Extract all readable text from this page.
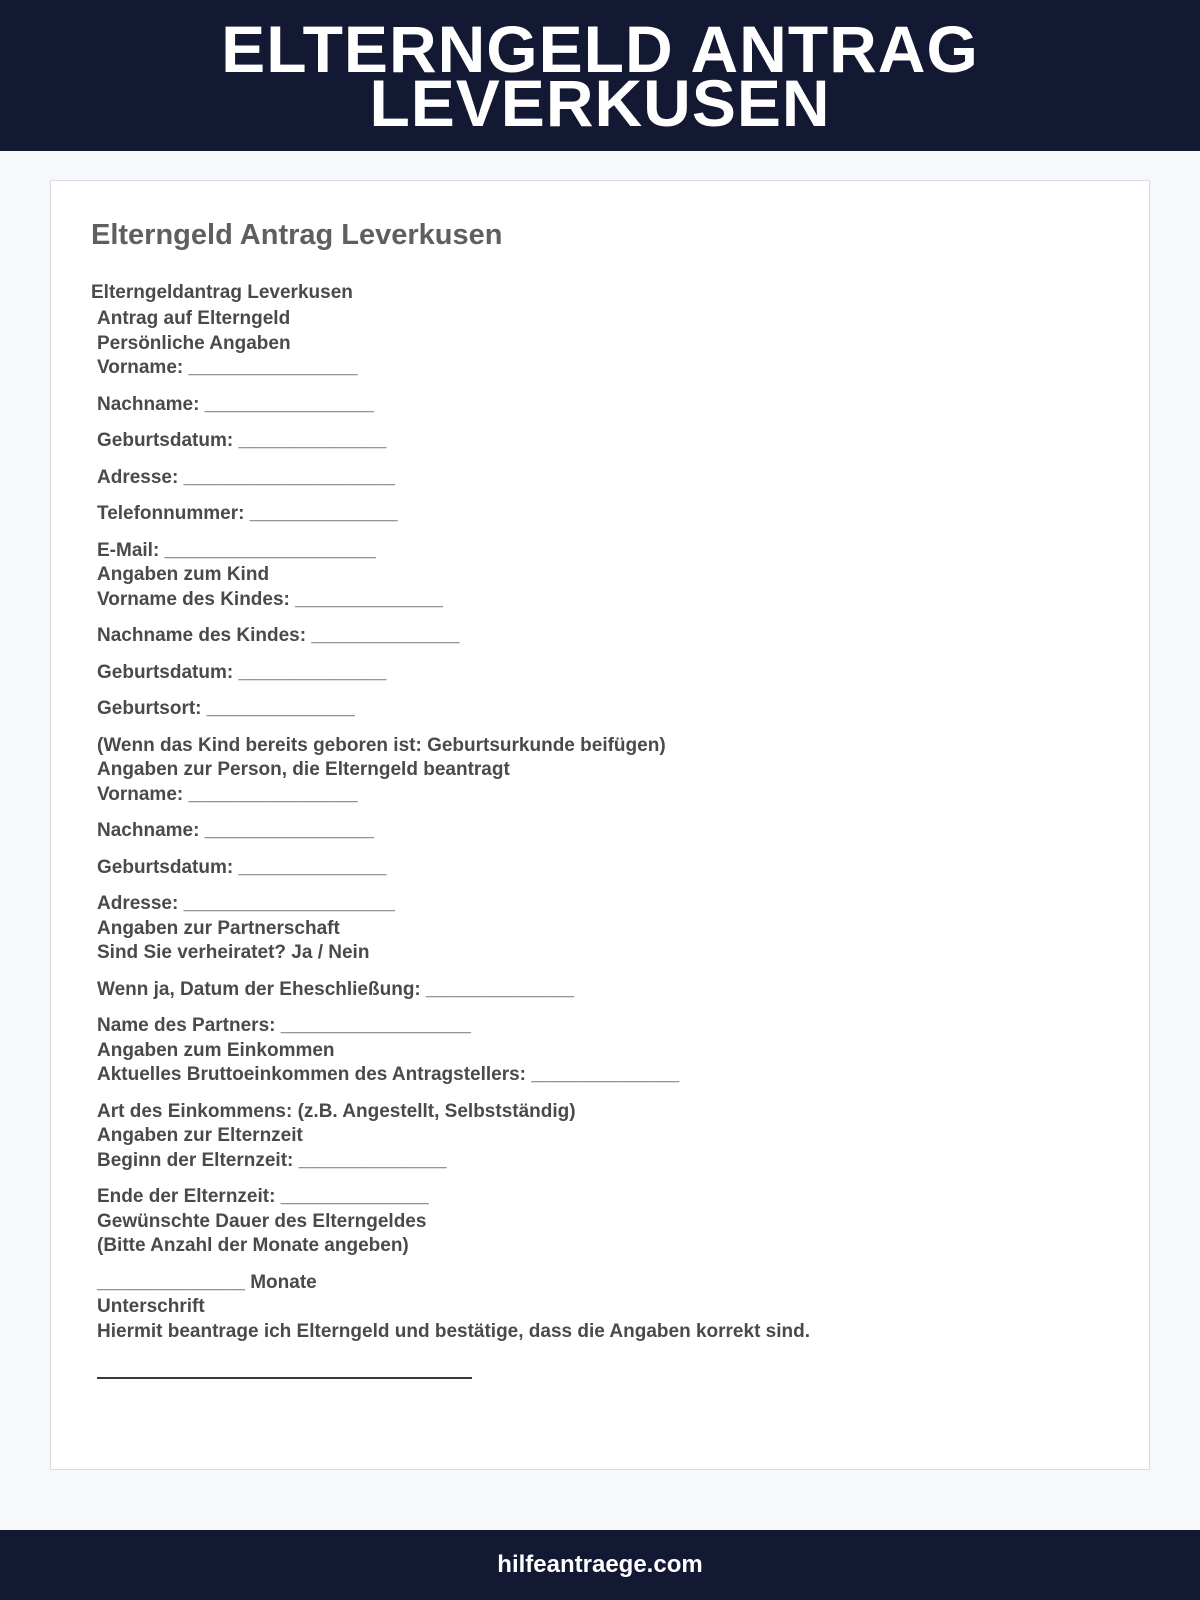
ELTERNGELD ANTRAG
LEVERKUSEN
Elterngeld Antrag Leverkusen
Elterngeldantrag Leverkusen
Antrag auf Elterngeld
Persönliche Angaben
Vorname: ________________
Nachname: ________________
Geburtsdatum: ______________
Adresse: ____________________
Telefonnummer: ______________
E-Mail: ____________________
Angaben zum Kind
Vorname des Kindes: ______________
Nachname des Kindes: ______________
Geburtsdatum: ______________
Geburtsort: ______________
(Wenn das Kind bereits geboren ist: Geburtsurkunde beifügen)
Angaben zur Person, die Elterngeld beantragt
Vorname: ________________
Nachname: ________________
Geburtsdatum: ______________
Adresse: ____________________
Angaben zur Partnerschaft
Sind Sie verheiratet? Ja / Nein
Wenn ja, Datum der Eheschließung: ______________
Name des Partners: __________________
Angaben zum Einkommen
Aktuelles Bruttoeinkommen des Antragstellers: ______________
Art des Einkommens: (z.B. Angestellt, Selbstständig)
Angaben zur Elternzeit
Beginn der Elternzeit: ______________
Ende der Elternzeit: ______________
Gewünschte Dauer des Elterngeldes
(Bitte Anzahl der Monate angeben)
______________ Monate
Unterschrift
Hiermit beantrage ich Elterngeld und bestätige, dass die Angaben korrekt sind.
hilfeantraege.com
